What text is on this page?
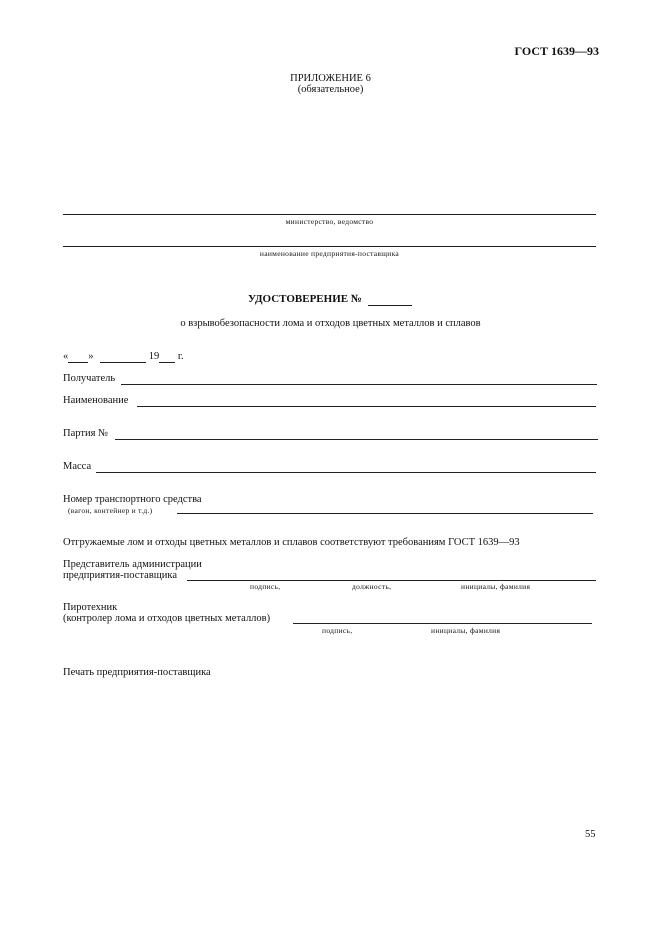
ГОСТ 1639—93
ПРИЛОЖЕНИЕ 6
(обязательное)
министерство, ведомство
наименование предприятия-поставщика
УДОСТОВЕРЕНИЕ №
о взрывобезопасности лома и отходов цветных металлов и сплавов
« »	19 г.
Получатель
Наименование
Партия №
Масса
Номер транспортного средства
(вагон, контейнер и т.д.)
Отгружаемые лом и отходы цветных металлов и сплавов соответствуют требованиям ГОСТ 1639—93
Представитель администрации
предприятия-поставщика
подпись,	должность,	инициалы, фамилия
Пиротехник
(контролер лома и отходов цветных металлов)
подпись,	инициалы, фамилия
Печать предприятия-поставщика
55
